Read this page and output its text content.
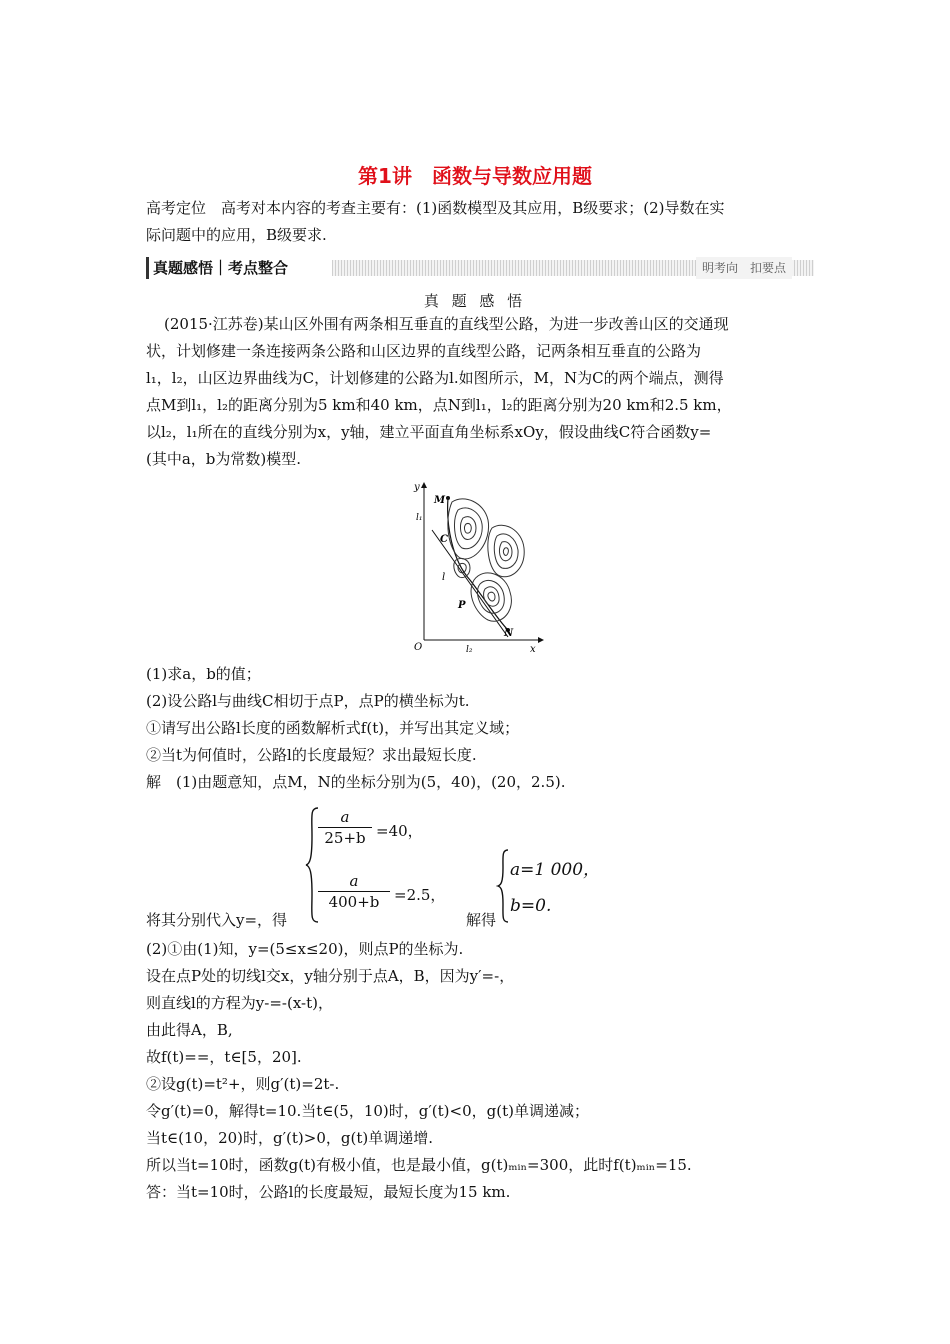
第1讲　函数与导数应用题
高考定位　高考对本内容的考查主要有：(1)函数模型及其应用，B级要求；(2)导数在实
际问题中的应用，B级要求.
真题感悟｜考点整合	明考向　扣要点
真 题 感 悟
(2015·江苏卷)某山区外围有两条相互垂直的直线型公路，为进一步改善山区的交通现
状，计划修建一条连接两条公路和山区边界的直线型公路，记两条相互垂直的公路为
l₁，l₂，山区边界曲线为C，计划修建的公路为l.如图所示，M，N为C的两个端点，测得
点M到l₁，l₂的距离分别为5 km和40 km，点N到l₁，l₂的距离分别为20 km和2.5 km，
以l₂，l₁所在的直线分别为x，y轴，建立平面直角坐标系xOy，假设曲线C符合函数y=
(其中a，b为常数)模型.
y
x
O
M
l₁
C
l
P
N
l₂
(1)求a，b的值；
(2)设公路l与曲线C相切于点P，点P的横坐标为t.
①请写出公路l长度的函数解析式f(t)，并写出其定义域；
②当t为何值时，公路l的长度最短？求出最短长度.
解　(1)由题意知，点M，N的坐标分别为(5，40)，(20，2.5).
a
25+b =40，
a
400+b =2.5，
将其分别代入y=，得	解得
a=1 000，
b=0.
(2)①由(1)知，y=(5≤x≤20)，则点P的坐标为.
设在点P处的切线l交x，y轴分别于点A，B，因为y′=-，
则直线l的方程为y-=-(x-t)，
由此得A，B,
故f(t)==，t∈[5，20].
②设g(t)=t²+，则g′(t)=2t-.
令g′(t)=0，解得t=10.当t∈(5，10)时，g′(t)<0，g(t)单调递减；
当t∈(10，20)时，g′(t)>0，g(t)单调递增.
所以当t=10时，函数g(t)有极小值，也是最小值，g(t)ₘᵢₙ=300，此时f(t)ₘᵢₙ=15.
答：当t=10时，公路l的长度最短，最短长度为15 km.
